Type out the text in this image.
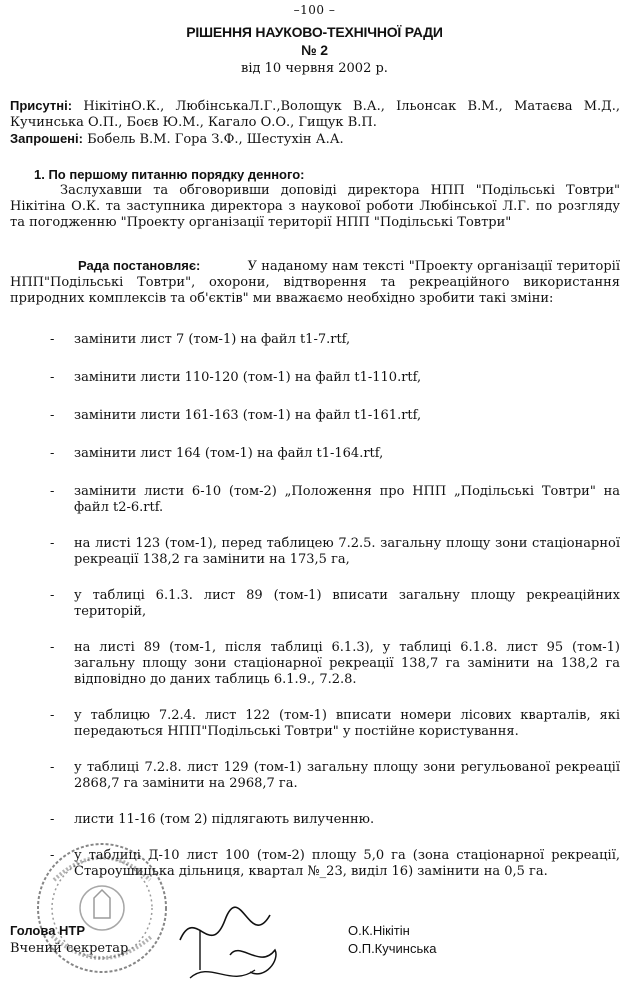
–100 –
РІШЕННЯ НАУКОВО-ТЕХНІЧНОЇ РАДИ
№ 2
від 10 червня 2002 р.
Присутні: НікітінО.К., ЛюбінськаЛ.Г.,Волощук В.А., Ільонсак В.М., Матаєва М.Д., Кучинська О.П., Боєв Ю.М., Кагало О.О., Гищук В.П.
Запрошені: Бобель В.М. Гора З.Ф., Шестухін А.А.
1. По першому питанню порядку денного:
Заслухавши та обговоривши доповіді директора НПП "Подільські Товтри" Нікітіна О.К. та заступника директора з наукової роботи Любінської Л.Г. по розгляду та погодженню "Проекту організації території НПП "Подільські Товтри"
Рада постановляє:	У наданому нам тексті "Проекту організації території НПП"Подільські Товтри", охорони, відтворення та рекреаційного використання природних комплексів та об'єктів" ми вважаємо необхідно зробити такі зміни:
- замінити лист 7 (том-1) на файл t1-7.rtf,
- замінити листи 110-120 (том-1) на файл t1-110.rtf,
- замінити листи 161-163 (том-1) на файл t1-161.rtf,
- замінити лист 164 (том-1) на файл t1-164.rtf,
- замінити листи 6-10 (том-2) „Положення про НПП „Подільські Товтри" на файл t2-6.rtf.
- на листі 123 (том-1), перед таблицею 7.2.5. загальну площу зони стаціонарної рекреації 138,2 га замінити на 173,5 га,
- у таблиці 6.1.3. лист 89 (том-1) вписати загальну площу рекреаційних територій,
- на листі 89 (том-1, після таблиці 6.1.3), у таблиці 6.1.8. лист 95 (том-1) загальну площу зони стаціонарної рекреації 138,7 га замінити на 138,2 га відповідно до даних таблиць 6.1.9., 7.2.8.
- у таблицю 7.2.4. лист 122 (том-1) вписати номери лісових кварталів, які передаються НПП"Подільські Товтри" у постійне користування.
- у таблиці 7.2.8. лист 129 (том-1) загальну площу зони регульованої рекреації 2868,7 га замінити на 2968,7 га.
- листи 11-16 (том 2) підлягають вилученню.
- у таблиці Д-10 лист 100 (том-2) площу 5,0 га (зона стаціонарної рекреації, Староушицька дільниця, квартал №_23, виділ 16) замінити на 0,5 га.
Голова НТР
Вчений секретар
О.К.Нікітін
О.П.Кучинська
